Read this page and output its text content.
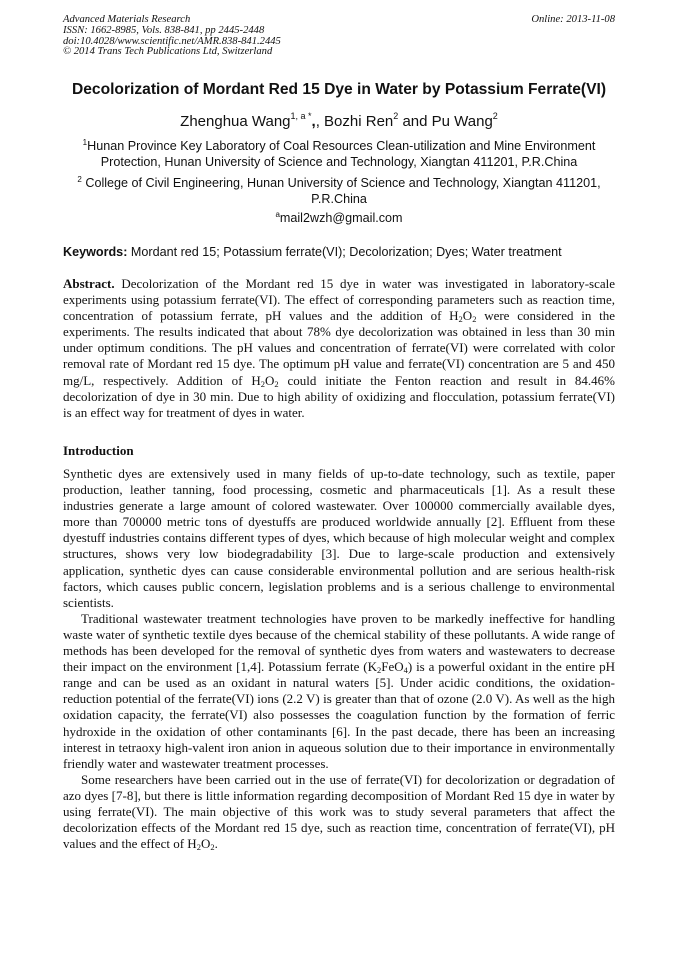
Advanced Materials Research
ISSN: 1662-8985, Vols. 838-841, pp 2445-2448
doi:10.4028/www.scientific.net/AMR.838-841.2445
© 2014 Trans Tech Publications Ltd, Switzerland
Online: 2013-11-08
Decolorization of Mordant Red 15 Dye in Water by Potassium Ferrate(VI)
Zhenghua Wang$^{1, a *}$,, Bozhi Ren$^2$ and Pu Wang$^2$
$^1$Hunan Province Key Laboratory of Coal Resources Clean-utilization and Mine Environment Protection, Hunan University of Science and Technology, Xiangtan 411201, P.R.China
$^2$ College of Civil Engineering, Hunan University of Science and Technology, Xiangtan 411201, P.R.China
$^a$mail2wzh@gmail.com
Keywords: Mordant red 15; Potassium ferrate(VI); Decolorization; Dyes; Water treatment

Abstract. Decolorization of the Mordant red 15 dye in water was investigated in laboratory-scale experiments using potassium ferrate(VI). The effect of corresponding parameters such as reaction time, concentration of potassium ferrate, pH values and the addition of $H_2O_2$ were considered in the experiments. The results indicated that about 78% dye decolorization was obtained in less than 30 min under optimum conditions. The pH values and concentration of ferrate(VI) were correlated with color removal rate of Mordant red 15 dye. The optimum pH value and ferrate(VI) concentration are 5 and 450 mg/L, respectively. Addition of $H_2O_2$ could initiate the Fenton reaction and result in 84.46% decolorization of dye in 30 min. Due to high ability of oxidizing and flocculation, potassium ferrate(VI) is an effect way for treatment of dyes in water.

Introduction

Synthetic dyes are extensively used in many fields of up-to-date technology, such as textile, paper production, leather tanning, food processing, cosmetic and pharmaceuticals [1]. As a result these industries generate a large amount of colored wastewater. Over 100000 commercially available dyes, more than 700000 metric tons of dyestuffs are produced worldwide annually [2]. Effluent from these dyestuff industries contains different types of dyes, which because of high molecular weight and complex structures, shows very low biodegradability [3]. Due to large-scale production and extensively application, synthetic dyes can cause considerable environmental pollution and are serious health-risk factors, which causes public concern, legislation problems and is a serious challenge to environmental scientists.

Traditional wastewater treatment technologies have proven to be markedly ineffective for handling waste water of synthetic textile dyes because of the chemical stability of these pollutants. A wide range of methods has been developed for the removal of synthetic dyes from waters and wastewaters to decrease their impact on the environment [1,4]. Potassium ferrate $(K_2FeO_4)$ is a powerful oxidant in the entire pH range and can be used as an oxidant in natural waters [5]. Under acidic conditions, the oxidation-reduction potential of the ferrate(VI) ions (2.2 V) is greater than that of ozone (2.0 V). As well as the high oxidation capacity, the ferrate(VI) also possesses the coagulation function by the formation of ferric hydroxide in the oxidation of other contaminants [6]. In the past decade, there has been an increasing interest in tetraoxy high-valent iron anion in aqueous solution due to their importance in environmentally friendly water and wastewater treatment processes.

Some researchers have been carried out in the use of ferrate(VI) for decolorization or degradation of azo dyes [7-8], but there is little information regarding decomposition of Mordant Red 15 dye in water by using ferrate(VI). The main objective of this work was to study several parameters that affect the decolorization effects of the Mordant red 15 dye, such as reaction time, concentration of ferrate(VI), pH values and the effect of $H_2O_2$.
